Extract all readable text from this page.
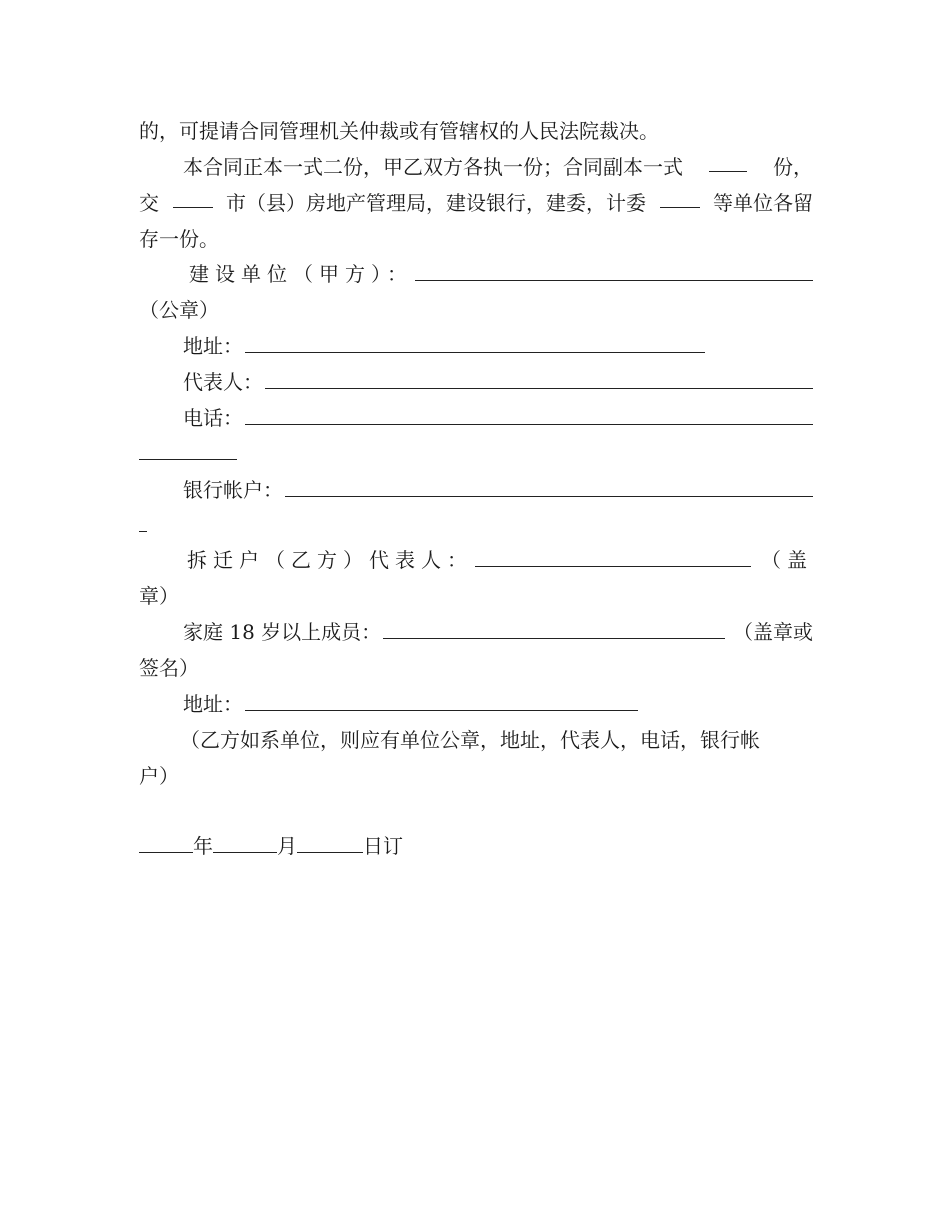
的，可提请合同管理机关仲裁或有管辖权的人民法院裁决。
本合同正本一式二份，甲乙双方各执一份；合同副本一式	份，
交	市（县）房地产管理局，建设银行，建委，计委	等单位各留
存一份。
建设单位（甲方）：
（公章）
地址：
代表人：
电话：
银行帐户：
拆迁户（乙方）代表人：	（盖
章）
家庭 18 岁以上成员：	（盖章或
签名）
地址：
（乙方如系单位，则应有单位公章，地址，代表人，电话，银行帐
户）
年	月	日订
